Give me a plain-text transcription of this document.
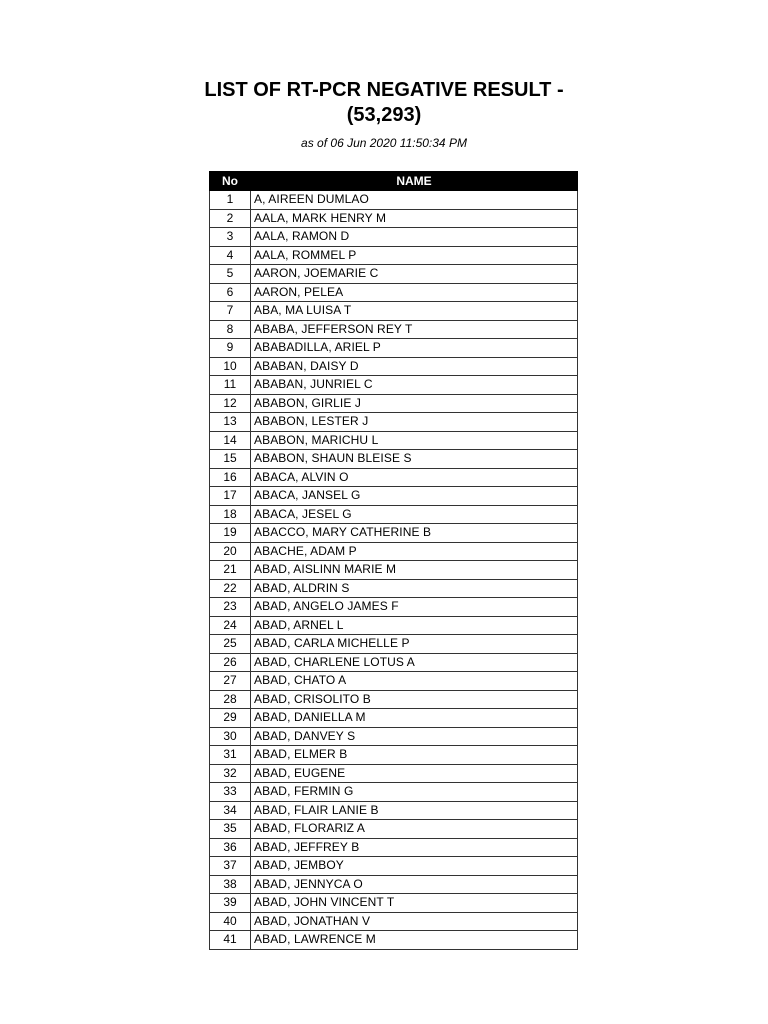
LIST OF RT-PCR NEGATIVE RESULT -
(53,293)
as of 06 Jun 2020 11:50:34 PM
No	NAME
1	A, AIREEN DUMLAO
2	AALA, MARK HENRY M
3	AALA, RAMON D
4	AALA, ROMMEL P
5	AARON, JOEMARIE C
6	AARON, PELEA
7	ABA, MA LUISA T
8	ABABA, JEFFERSON REY T
9	ABABADILLA, ARIEL P
10	ABABAN, DAISY D
11	ABABAN, JUNRIEL C
12	ABABON, GIRLIE J
13	ABABON, LESTER J
14	ABABON, MARICHU L
15	ABABON, SHAUN BLEISE S
16	ABACA, ALVIN O
17	ABACA, JANSEL G
18	ABACA, JESEL G
19	ABACCO, MARY CATHERINE B
20	ABACHE, ADAM P
21	ABAD, AISLINN MARIE M
22	ABAD, ALDRIN S
23	ABAD, ANGELO JAMES F
24	ABAD, ARNEL L
25	ABAD, CARLA MICHELLE P
26	ABAD, CHARLENE LOTUS A
27	ABAD, CHATO A
28	ABAD, CRISOLITO B
29	ABAD, DANIELLA M
30	ABAD, DANVEY S
31	ABAD, ELMER B
32	ABAD, EUGENE
33	ABAD, FERMIN G
34	ABAD, FLAIR LANIE B
35	ABAD, FLORARIZ A
36	ABAD, JEFFREY B
37	ABAD, JEMBOY
38	ABAD, JENNYCA O
39	ABAD, JOHN VINCENT T
40	ABAD, JONATHAN V
41	ABAD, LAWRENCE M
